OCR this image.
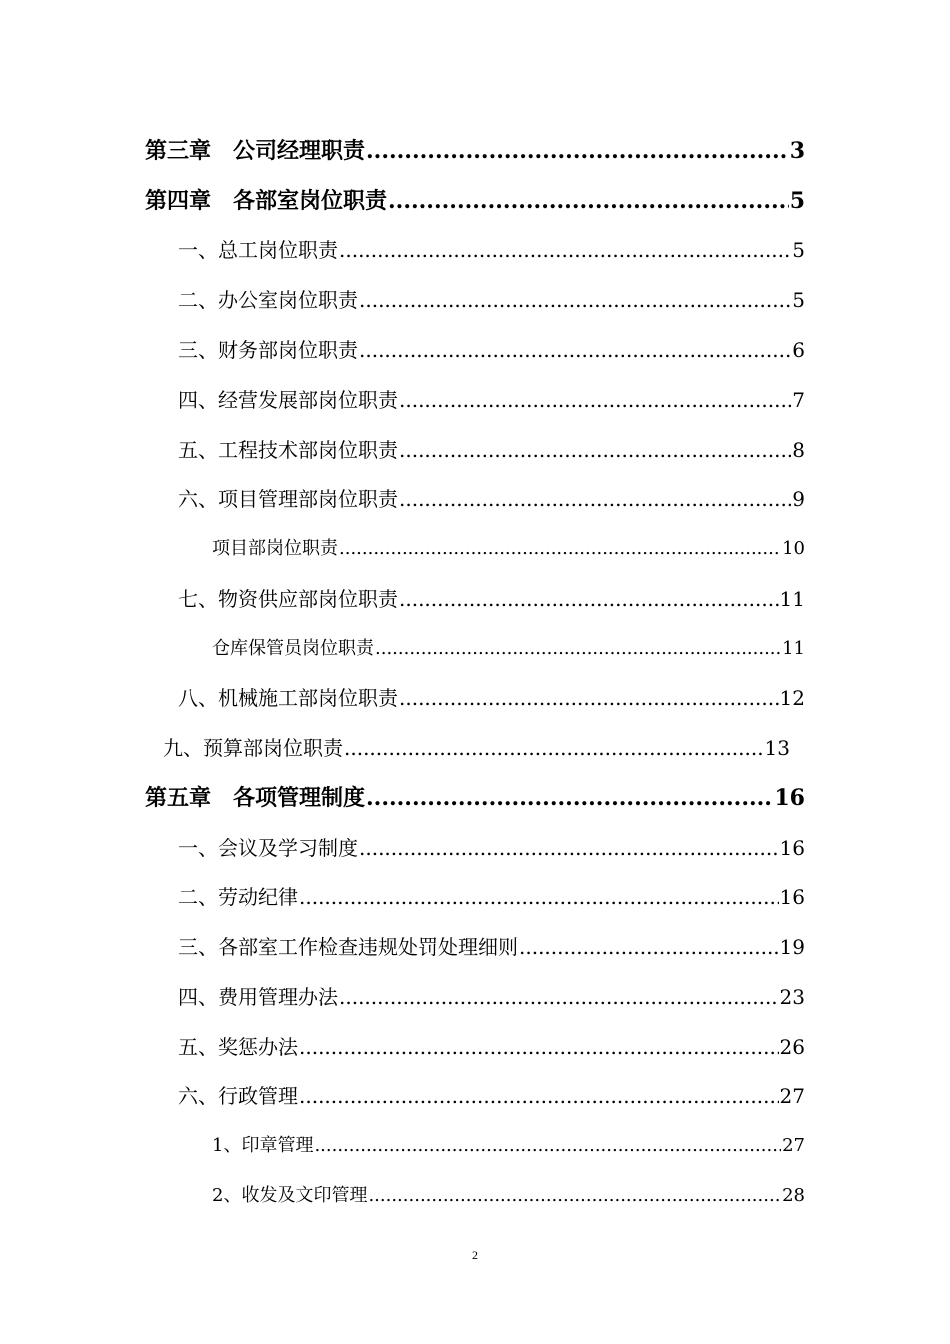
第三章　公司经理职责 .....	3
第四章　各部室岗位职责 .....	5
一、总工岗位职责 .....	5
二、办公室岗位职责 .....	5
三、财务部岗位职责 .....	6
四、经营发展部岗位职责 .....	7
五、工程技术部岗位职责 .....	8
六、项目管理部岗位职责 .....	9
项目部岗位职责 .....	10
七、物资供应部岗位职责 .....	11
仓库保管员岗位职责 .....	11
八、机械施工部岗位职责 .....	12
九、预算部岗位职责 .....	13
第五章　各项管理制度 .....	16
一、会议及学习制度 .....	16
二、劳动纪律 .....	16
三、各部室工作检查违规处罚处理细则 .....	19
四、费用管理办法 .....	23
五、奖惩办法 .....	26
六、行政管理 .....	27
1、印章管理 .....	27
2、收发及文印管理 .....	28
2
